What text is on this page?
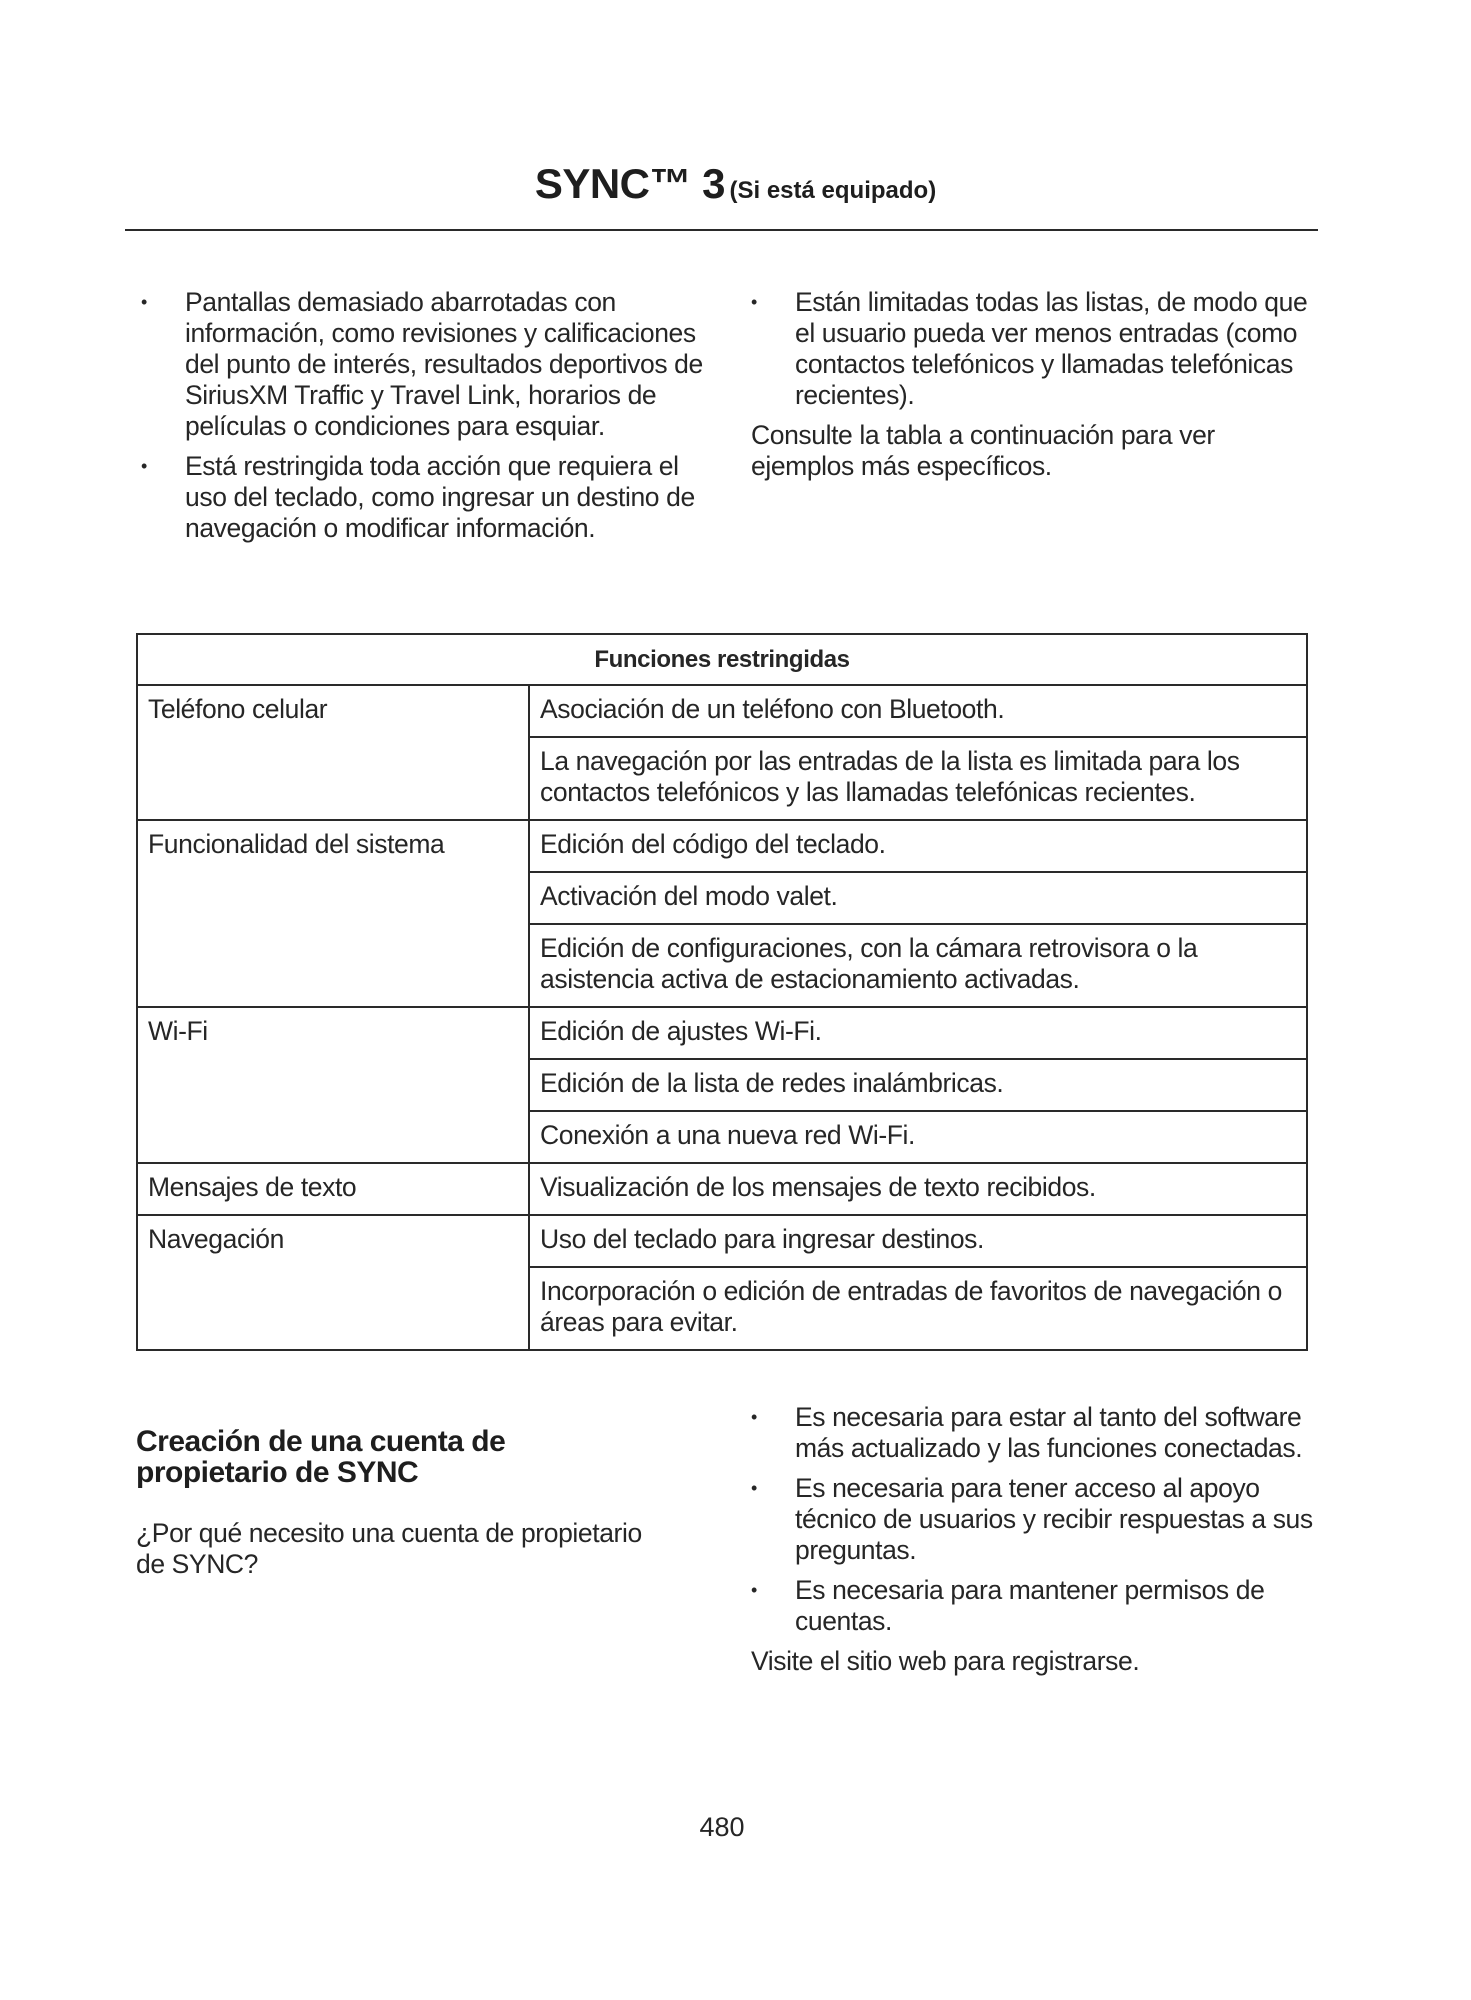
SYNC™ 3 (Si está equipado)
•	Pantallas demasiado abarrotadas con información, como revisiones y calificaciones del punto de interés, resultados deportivos de SiriusXM Traffic y Travel Link, horarios de películas o condiciones para esquiar.
•	Está restringida toda acción que requiera el uso del teclado, como ingresar un destino de navegación o modificar información.
•	Están limitadas todas las listas, de modo que el usuario pueda ver menos entradas (como contactos telefónicos y llamadas telefónicas recientes).

Consulte la tabla a continuación para ver ejemplos más específicos.

Funciones restringidas	
Teléfono celular	Asociación de un teléfono con Bluetooth.
	La navegación por las entradas de la lista es limitada para los contactos telefónicos y las llamadas telefónicas recientes.
Funcionalidad del sistema	Edición del código del teclado.
	Activación del modo valet.
	Edición de configuraciones, con la cámara retrovisora o la asistencia activa de estacionamiento activadas.
Wi-Fi	Edición de ajustes Wi-Fi.
	Edición de la lista de redes inalámbricas.
	Conexión a una nueva red Wi-Fi.
Mensajes de texto	Visualización de los mensajes de texto recibidos.
Navegación	Uso del teclado para ingresar destinos.
	Incorporación o edición de entradas de favoritos de navegación o áreas para evitar.
Creación de una cuenta de propietario de SYNC

¿Por qué necesito una cuenta de propietario de SYNC?

•	Es necesaria para estar al tanto del software más actualizado y las funciones conectadas.
•	Es necesaria para tener acceso al apoyo técnico de usuarios y recibir respuestas a sus preguntas.
•	Es necesaria para mantener permisos de cuentas.

Visite el sitio web para registrarse.

480
